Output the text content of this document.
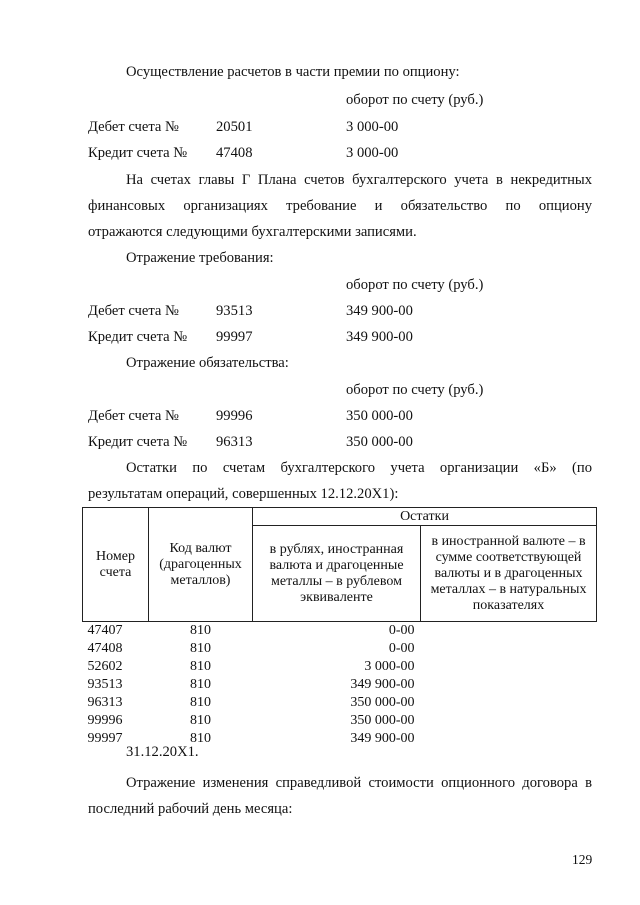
Осуществление расчетов в части премии по опциону:
оборот по счету (руб.)
Дебет счета №	20501	3 000-00
Кредит счета № 47408	3 000-00
На счетах главы Г Плана счетов бухгалтерского учета в некредитных
финансовых организациях требование и обязательство по опциону
отражаются следующими бухгалтерскими записями.
Отражение требования:
оборот по счету (руб.)
Дебет счета №	93513	349 900-00
Кредит счета № 99997	349 900-00
Отражение обязательства:
оборот по счету (руб.)
Дебет счета №	99996	350 000-00
Кредит счета № 96313	350 000-00
Остатки по счетам бухгалтерского учета организации «Б» (по
результатам операций, совершенных 12.12.20Х1):
Номер счета	Код валют (драгоценных металлов)	Остатки	
		в рублях, иностранная валюта и драгоценные металлы – в рублевом эквиваленте	в иностранной валюте – в сумме соответствующей валюты и в драгоценных металлах – в натуральных показателях
47407	810	0-00	
47408	810	0-00	
52602	810	3 000-00	
93513	810	349 900-00	
96313	810	350 000-00	
99996	810	350 000-00	
99997	810	349 900-00	
31.12.20Х1.
Отражение изменения справедливой стоимости опционного договора в
последний рабочий день месяца:
129
